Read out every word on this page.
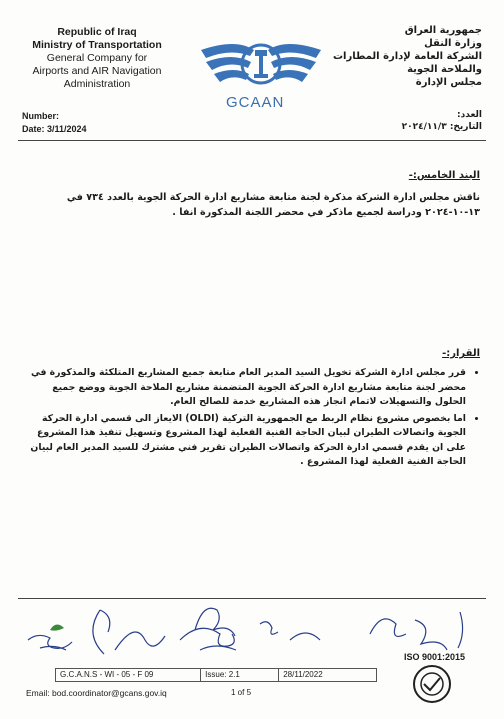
Republic of Iraq
Ministry of Transportation
General Company for
Airports and AIR Navigation
Administration
GCAAN
جمهورية العراق
وزارة النقل
الشركة العامة لإدارة المطارات
والملاحة الجوية
مجلس الإدارة
Number:
Date: 3/11/2024
العدد:
التاريخ: ٢٠٢٤/١١/٣
البند الخامس:-
ناقش مجلس ادارة الشركة مذكرة لجنة متابعة مشاريع ادارة الحركة الجوية بالعدد ٧٣٤ في ١٣-١٠-٢٠٢٤ ودراسة لجميع ماذكر في محضر اللجنة المذكورة انفا .
القرار:-
• قرر مجلس ادارة الشركة تخويل السيد المدير العام متابعة جميع المشاريع المتلكئة والمذكورة في محضر لجنة متابعة مشاريع ادارة الحركة الجوية المتضمنة مشاريع الملاحة الجوية ووضع جميع الحلول والتسهيلات لاتمام انجاز هذه المشاريع خدمة للصالح العام.
• اما بخصوص مشروع نظام الربط مع الجمهورية التركية (OLDI) الايعاز الى قسمي ادارة الحركة الجوية واتصالات الطيران لبيان الحاجة الفنية الفعلية لهذا المشروع وتسهيل تنفيذ هذا المشروع على ان يقدم قسمي ادارة الحركة واتصالات الطيران تقرير فني مشترك للسيد المدير العام لبيان الحاجة الفنية الفعلية لهذا المشروع .
G.C.A.N.S - WI - 05 - F 09	Issue: 2.1	28/11/2022
1 of 5
Email: bod.coordinator@gcans.gov.iq
ISO 9001:2015
